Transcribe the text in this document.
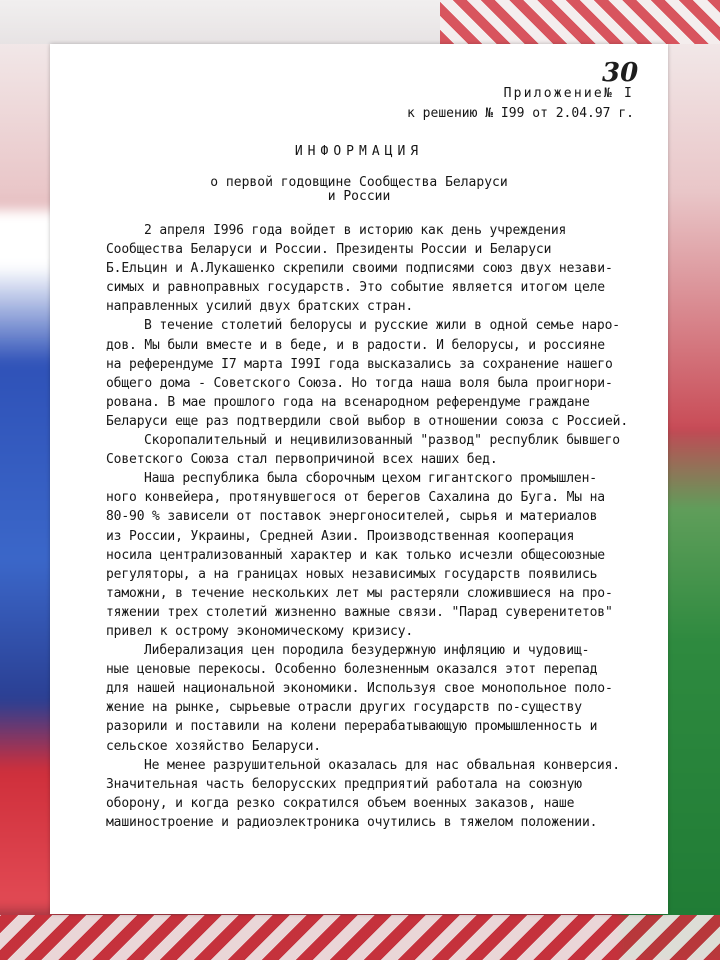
30
Приложение№ I
к решению № I99 от 2.04.97 г.
ИНФОРМАЦИЯ
о первой годовщине Сообщества Беларуси
и России

2 апреля I996 года войдет в историю как день учреждения
Сообщества Беларуси и России. Президенты России и Беларуси
Б.Ельцин и А.Лукашенко скрепили своими подписями союз двух незави-
симых и равноправных государств. Это событие является итогом целе
направленных усилий двух братских стран.

В течение столетий белорусы и русские жили в одной семье наро-
дов. Мы были вместе и в беде, и в радости. И белорусы, и россияне
на референдуме I7 марта I99I года высказались за сохранение нашего
общего дома - Советского Союза. Но тогда наша воля была проигнори-
рована. В мае прошлого года на всенародном референдуме граждане
Беларуси еще раз подтвердили свой выбор в отношении союза с Россией.

Скоропалительный и нецивилизованный "развод" республик бывшего
Советского Союза стал первопричиной всех наших бед.

Наша республика была сборочным цехом гигантского промышлен-
ного конвейера, протянувшегося от берегов Сахалина до Буга. Мы на
80-90 % зависели от поставок энергоносителей, сырья и материалов
из России, Украины, Средней Азии. Производственная кооперация
носила централизованный характер и как только исчезли общесоюзные
регуляторы, а на границах новых независимых государств появились
таможни, в течение нескольких лет мы растеряли сложившиеся на про-
тяжении трех столетий жизненно важные связи. "Парад суверенитетов"
привел к острому экономическому кризису.

Либерализация цен породила безудержную инфляцию и чудовищ-
ные ценовые перекосы. Особенно болезненным оказался этот перепад
для нашей национальной экономики. Используя свое монопольное поло-
жение на рынке, сырьевые отрасли других государств по-существу
разорили и поставили на колени перерабатывающую промышленность и
сельское хозяйство Беларуси.

Не менее разрушительной оказалась для нас обвальная конверсия.
Значительная часть белорусских предприятий работала на союзную
оборону, и когда резко сократился объем военных заказов, наше
машиностроение и радиоэлектроника очутились в тяжелом положении.
